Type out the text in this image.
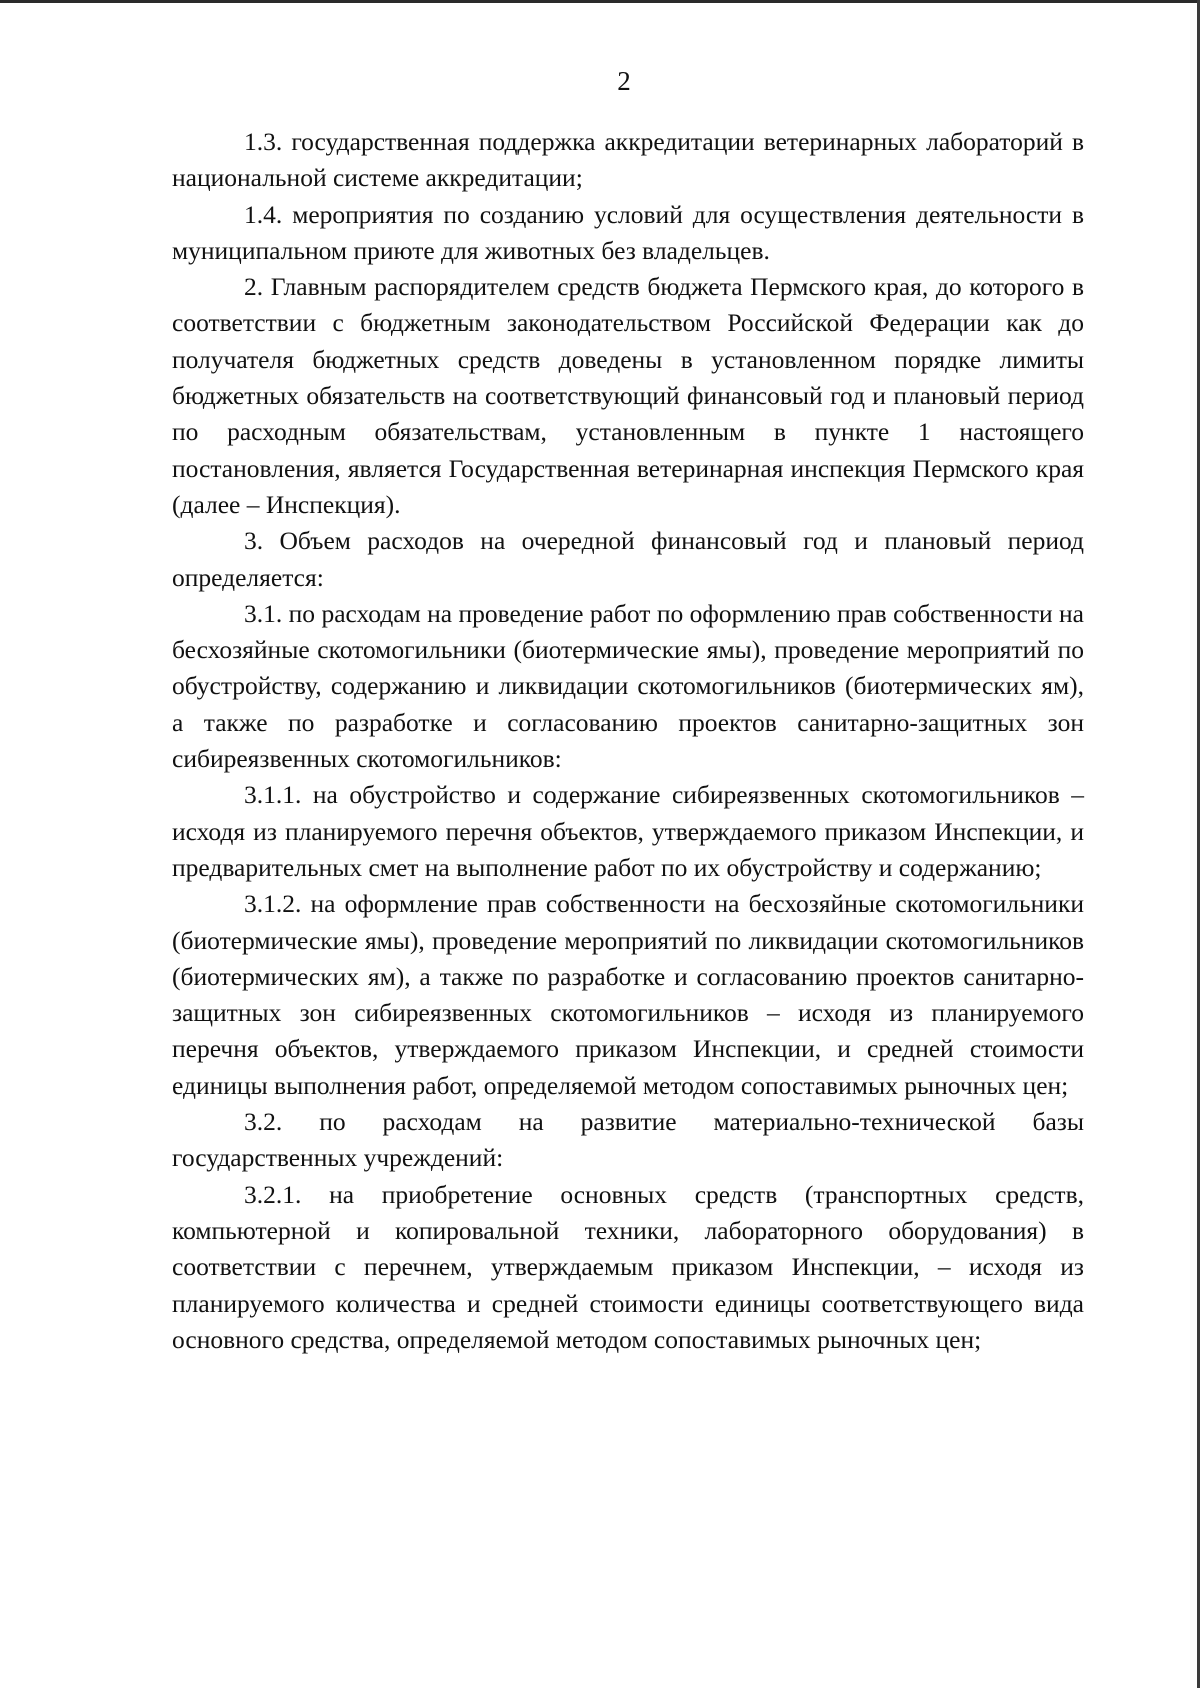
2

1.3. государственная поддержка аккредитации ветеринарных лабораторий в национальной системе аккредитации;

1.4. мероприятия по созданию условий для осуществления деятельности в муниципальном приюте для животных без владельцев.

2. Главным распорядителем средств бюджета Пермского края, до которого в соответствии с бюджетным законодательством Российской Федерации как до получателя бюджетных средств доведены в установленном порядке лимиты бюджетных обязательств на соответствующий финансовый год и плановый период по расходным обязательствам, установленным в пункте 1 настоящего постановления, является Государственная ветеринарная инспекция Пермского края (далее – Инспекция).

3. Объем расходов на очередной финансовый год и плановый период определяется:

3.1. по расходам на проведение работ по оформлению прав собственности на бесхозяйные скотомогильники (биотермические ямы), проведение мероприятий по обустройству, содержанию и ликвидации скотомогильников (биотермических ям), а также по разработке и согласованию проектов санитарно-защитных зон сибиреязвенных скотомогильников:

3.1.1. на обустройство и содержание сибиреязвенных скотомогильников – исходя из планируемого перечня объектов, утверждаемого приказом Инспекции, и предварительных смет на выполнение работ по их обустройству и содержанию;

3.1.2. на оформление прав собственности на бесхозяйные скотомогильники (биотермические ямы), проведение мероприятий по ликвидации скотомогильников (биотермических ям), а также по разработке и согласованию проектов санитарно-защитных зон сибиреязвенных скотомогильников – исходя из планируемого перечня объектов, утверждаемого приказом Инспекции, и средней стоимости единицы выполнения работ, определяемой методом сопоставимых рыночных цен;

3.2. по расходам на развитие материально-технической базы государственных учреждений:

3.2.1. на приобретение основных средств (транспортных средств, компьютерной и копировальной техники, лабораторного оборудования) в соответствии с перечнем, утверждаемым приказом Инспекции, – исходя из планируемого количества и средней стоимости единицы соответствующего вида основного средства, определяемой методом сопоставимых рыночных цен;
